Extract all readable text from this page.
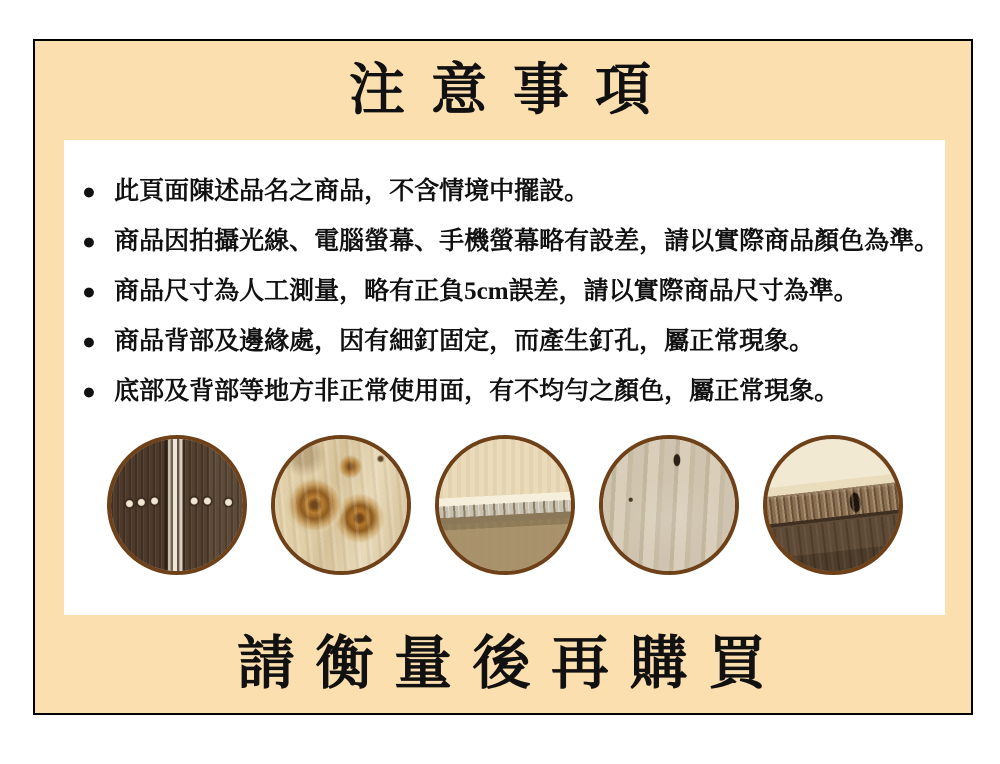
注 意 事 項
● 此頁面陳述品名之商品，不含情境中擺設。
● 商品因拍攝光線、電腦螢幕、手機螢幕略有設差，請以實際商品顏色為準。
● 商品尺寸為人工測量，略有正負5cm誤差，請以實際商品尺寸為準。
● 商品背部及邊緣處，因有細釘固定，而產生釘孔，屬正常現象。
● 底部及背部等地方非正常使用面，有不均勻之顏色，屬正常現象。
請 衡 量 後 再 購 買
